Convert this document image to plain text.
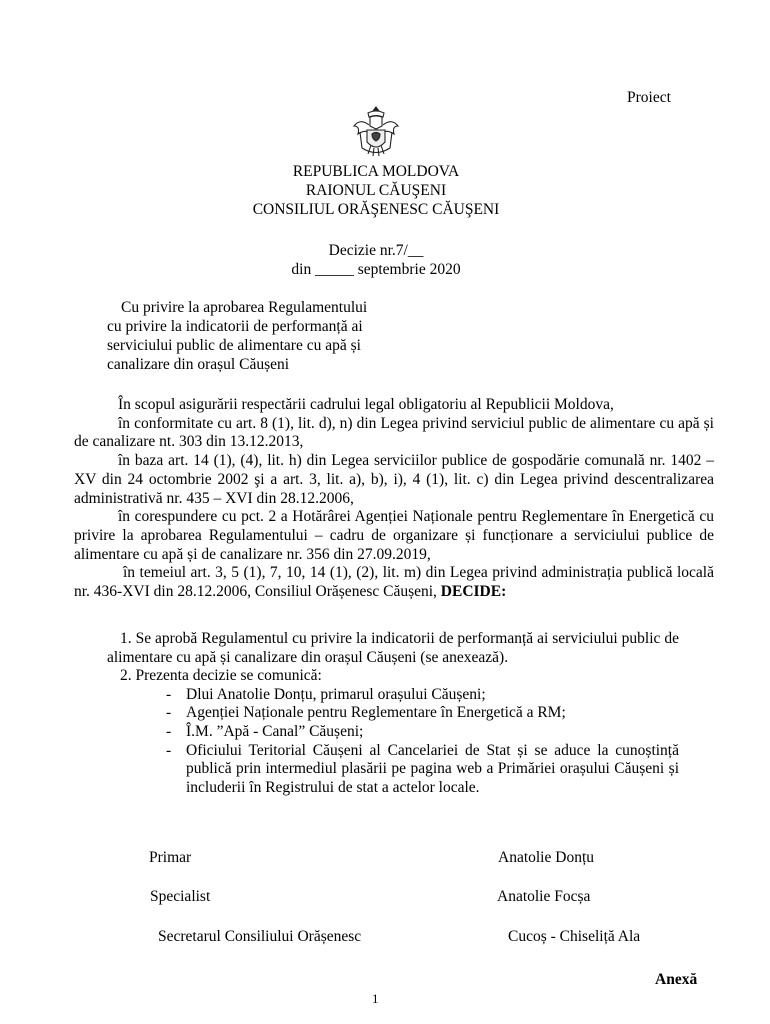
Proiect
REPUBLICA MOLDOVA
RAIONUL CĂUŞENI
CONSILIUL ORĂŞENESC CĂUŞENI
Decizie nr.7/__
din _____ septembrie 2020
Cu privire la aprobarea Regulamentului
cu privire la indicatorii de performanță ai
serviciului public de alimentare cu apă și
canalizare din orașul Căușeni

În scopul asigurării respectării cadrului legal obligatoriu al Republicii Moldova,

în conformitate cu art. 8 (1), lit. d), n) din Legea privind serviciul public de alimentare cu apă și de canalizare nt. 303 din 13.12.2013,

în baza art. 14 (1), (4), lit. h) din Legea serviciilor publice de gospodărie comunală nr. 1402 – XV din 24 octombrie 2002 şi a art. 3, lit. a), b), i), 4 (1), lit. c) din Legea privind descentralizarea administrativă nr. 435 – XVI din 28.12.2006,

în corespundere cu pct. 2 a Hotărârei Agenției Naționale pentru Reglementare în Energetică cu privire la aprobarea Regulamentului – cadru de organizare și funcționare a serviciului publice de alimentare cu apă și de canalizare nr. 356 din 27.09.2019,

în temeiul art. 3, 5 (1), 7, 10, 14 (1), (2), lit. m) din Legea privind administrația publică locală nr. 436-XVI din 28.12.2006, Consiliul Orășenesc Căușeni, DECIDE:

1. Se aprobă Regulamentul cu privire la indicatorii de performanță ai serviciului public de alimentare cu apă și canalizare din orașul Căușeni (se anexează).

2. Prezenta decizie se comunică:

- Dlui Anatolie Donțu, primarul orașului Căușeni;
- Agenției Naționale pentru Reglementare în Energetică a RM;
- Î.M. ”Apă - Canal” Căușeni;
- Oficiului Teritorial Căușeni al Cancelariei de Stat și se aduce la cunoștință publică prin intermediul plasării pe pagina web a Primăriei orașului Căușeni și includerii în Registrului de stat a actelor locale.
Primar	Anatolie Donțu
Specialist	Anatolie Focșa
Secretarul Consiliului Orășenesc	Cucoș - Chiseliță Ala
Anexă
1
